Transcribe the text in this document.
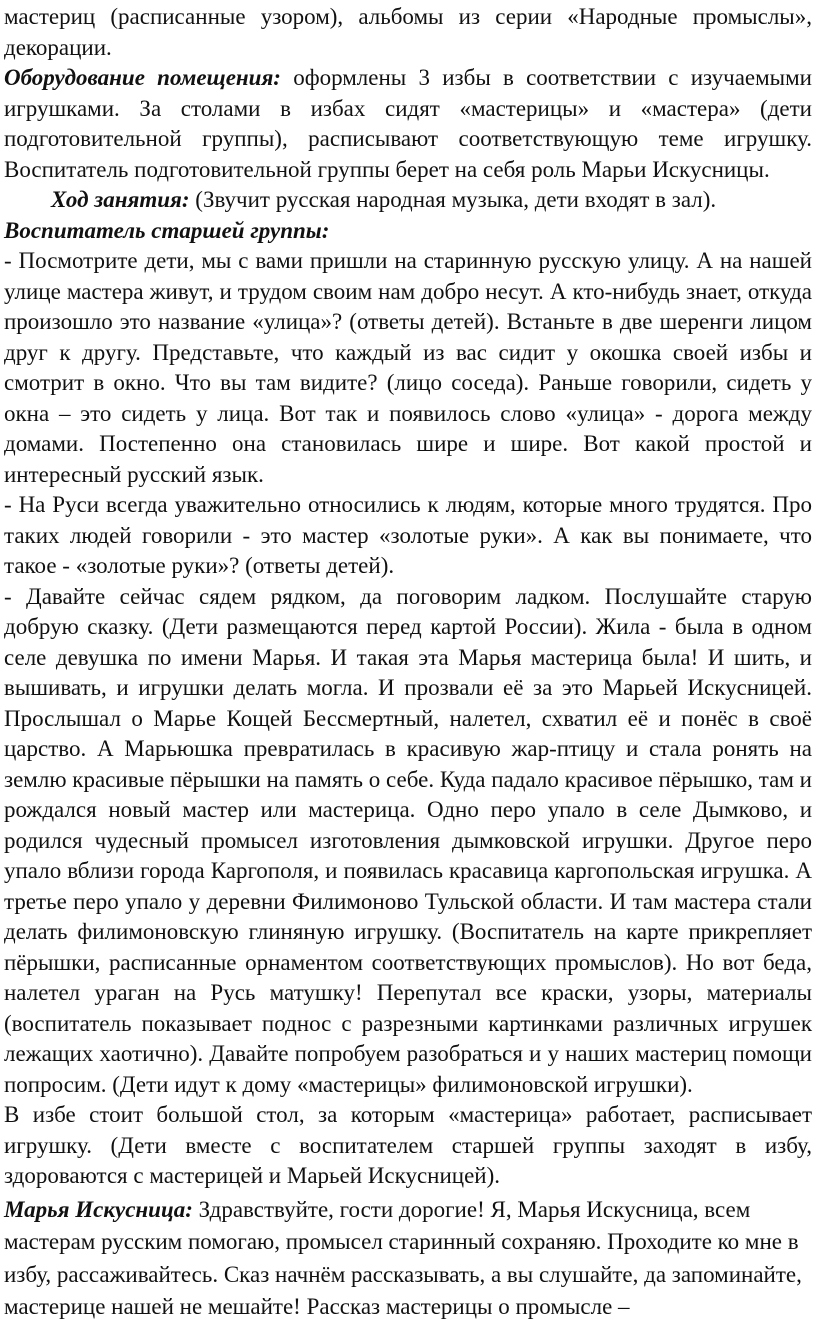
мастериц (расписанные узором), альбомы из серии «Народные промыслы», декорации.

Оборудование помещения: оформлены 3 избы в соответствии с изучаемыми игрушками. За столами в избах сидят «мастерицы» и «мастера» (дети подготовительной группы), расписывают соответствующую теме игрушку. Воспитатель подготовительной группы берет на себя роль Марьи Искусницы.

Ход занятия: (Звучит русская народная музыка, дети входят в зал).

Воспитатель старшей группы:

- Посмотрите дети, мы с вами пришли на старинную русскую улицу. А на нашей улице мастера живут, и трудом своим нам добро несут. А кто-нибудь знает, откуда произошло это название «улица»? (ответы детей). Встаньте в две шеренги лицом друг к другу. Представьте, что каждый из вас сидит у окошка своей избы и смотрит в окно. Что вы там видите? (лицо соседа). Раньше говорили, сидеть у окна – это сидеть у лица. Вот так и появилось слово «улица» - дорога между домами. Постепенно она становилась шире и шире. Вот какой простой и интересный русский язык.

- На Руси всегда уважительно относились к людям, которые много трудятся. Про таких людей говорили - это мастер «золотые руки». А как вы понимаете, что такое - «золотые руки»? (ответы детей).

- Давайте сейчас сядем рядком, да поговорим ладком. Послушайте старую добрую сказку. (Дети размещаются перед картой России). Жила - была в одном селе девушка по имени Марья. И такая эта Марья мастерица была! И шить, и вышивать, и игрушки делать могла. И прозвали её за это Марьей Искусницей. Прослышал о Марье Кощей Бессмертный, налетел, схватил её и понёс в своё царство. А Марьюшка превратилась в красивую жар-птицу и стала ронять на землю красивые пёрышки на память о себе. Куда падало красивое пёрышко, там и рождался новый мастер или мастерица. Одно перо упало в селе Дымково, и родился чудесный промысел изготовления дымковской игрушки. Другое перо упало вблизи города Каргополя, и появилась красавица каргопольская игрушка. А третье перо упало у деревни Филимоново Тульской области. И там мастера стали делать филимоновскую глиняную игрушку. (Воспитатель на карте прикрепляет пёрышки, расписанные орнаментом соответствующих промыслов). Но вот беда, налетел ураган на Русь матушку! Перепутал все краски, узоры, материалы (воспитатель показывает поднос с разрезными картинками различных игрушек лежащих хаотично). Давайте попробуем разобраться и у наших мастериц помощи попросим. (Дети идут к дому «мастерицы» филимоновской игрушки).

В избе стоит большой стол, за которым «мастерица» работает, расписывает игрушку. (Дети вместе с воспитателем старшей группы заходят в избу, здороваются с мастерицей и Марьей Искусницей).

Марья Искусница: Здравствуйте, гости дорогие! Я, Марья Искусница, всем мастерам русским помогаю, промысел старинный сохраняю. Проходите ко мне в избу, рассаживайтесь. Сказ начнём рассказывать, а вы слушайте, да запоминайте, мастерице нашей не мешайте! Рассказ мастерицы о промысле –
